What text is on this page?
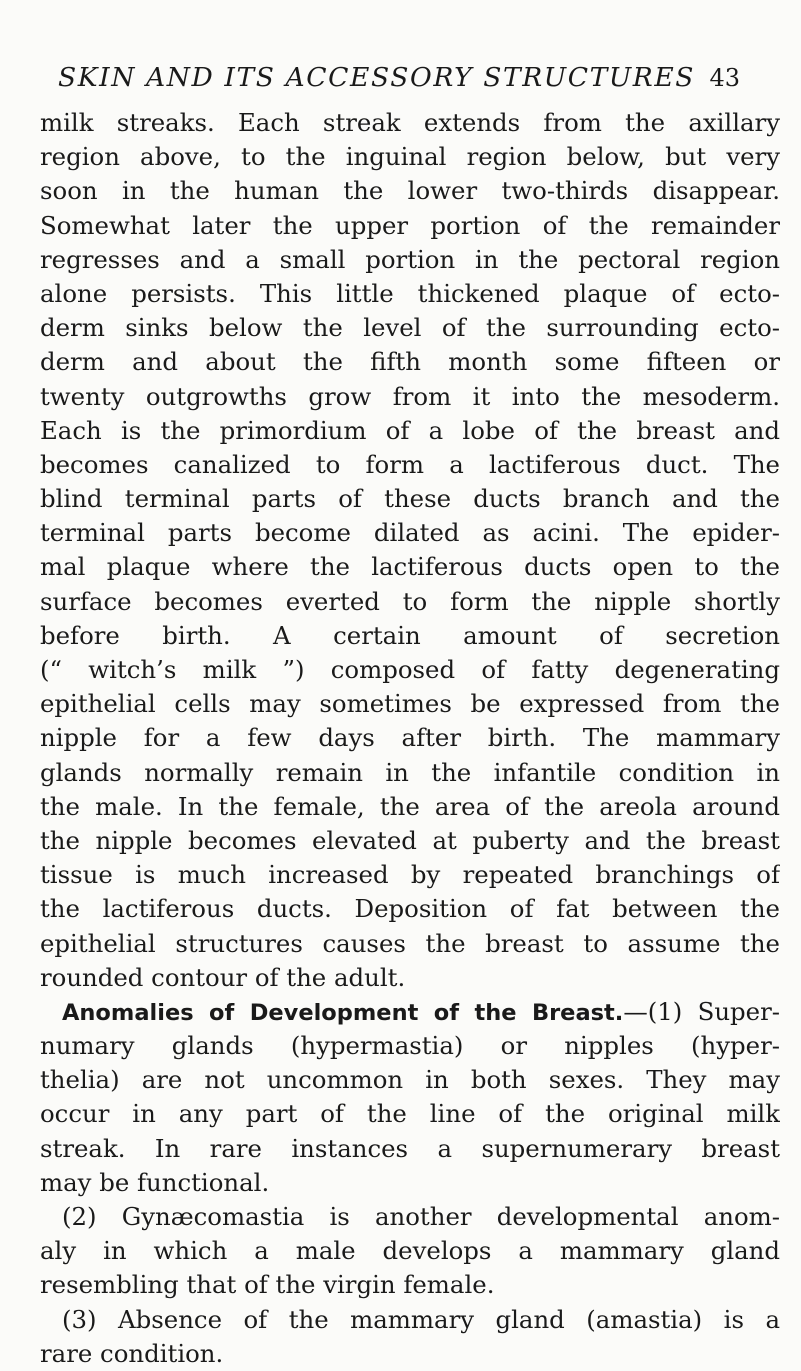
SKIN AND ITS ACCESSORY STRUCTURES 43
milk streaks. Each streak extends from the axillary
region above, to the inguinal region below, but very
soon in the human the lower two-thirds disappear.
Somewhat later the upper portion of the remainder
regresses and a small portion in the pectoral region
alone persists. This little thickened plaque of ecto-
derm sinks below the level of the surrounding ecto-
derm and about the fifth month some fifteen or
twenty outgrowths grow from it into the mesoderm.
Each is the primordium of a lobe of the breast and
becomes canalized to form a lactiferous duct. The
blind terminal parts of these ducts branch and the
terminal parts become dilated as acini. The epider-
mal plaque where the lactiferous ducts open to the
surface becomes everted to form the nipple shortly
before birth. A certain amount of secretion
(“ witch’s milk ”) composed of fatty degenerating
epithelial cells may sometimes be expressed from the
nipple for a few days after birth. The mammary
glands normally remain in the infantile condition in
the male. In the female, the area of the areola around
the nipple becomes elevated at puberty and the breast
tissue is much increased by repeated branchings of
the lactiferous ducts. Deposition of fat between the
epithelial structures causes the breast to assume the
rounded contour of the adult.
Anomalies of Development of the Breast.—(1) Super-
numary glands (hypermastia) or nipples (hyper-
thelia) are not uncommon in both sexes. They may
occur in any part of the line of the original milk
streak. In rare instances a supernumerary breast
may be functional.
(2) Gynæcomastia is another developmental anom-
aly in which a male develops a mammary gland
resembling that of the virgin female.
(3) Absence of the mammary gland (amastia) is a
rare condition.
